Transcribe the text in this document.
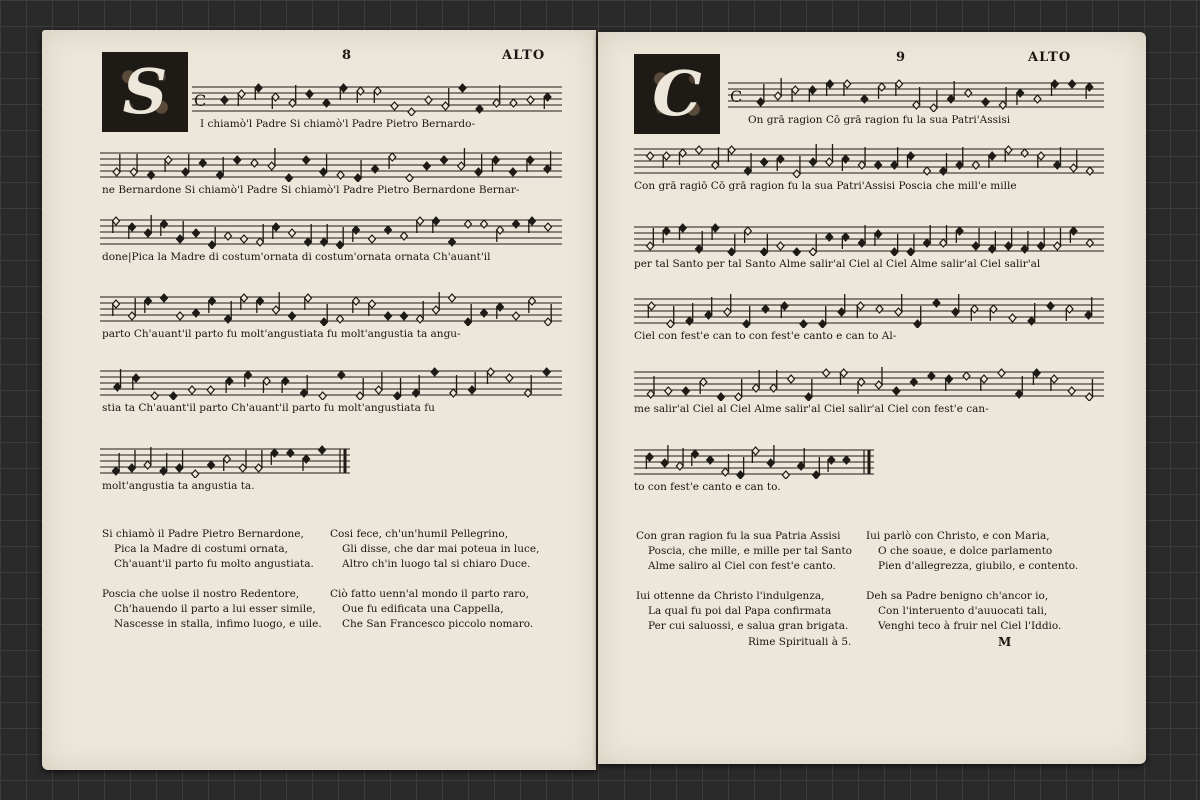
8	ALTO
S C
I chiamò'l Padre Si chiamò'l Padre Pietro Bernardo-
ne Bernardone Si chiamò'l Padre Si chiamò'l Padre Pietro Bernardone Bernar-
done|Pica la Madre di costum'ornata di costum'ornata ornata Ch'auant'il
parto Ch'auant'il parto fu molt'angustiata fu molt'angustia ta angu-
stia ta Ch'auant'il parto Ch'auant'il parto fu molt'angustiata fu
molt'angustia ta angustia ta.
Si chiamò il Padre Pietro Bernardone,
Pica la Madre di costumi ornata,
Ch'auant'il parto fu molto angustiata.

Poscia che uolse il nostro Redentore,
Ch'hauendo il parto a lui esser simile,
Nascesse in stalla, infimo luogo, e uile.
Cosi fece, ch'un'humil Pellegrino,
Gli disse, che dar mai poteua in luce,
Altro ch'in luogo tal si chiaro Duce.

Ciò fatto uenn'al mondo il parto raro,
Oue fu edificata una Cappella,
Che San Francesco piccolo nomaro.
9	ALTO
C C
On grā ragion Cō grā ragion fu la sua Patri'Assisi
Con grā ragiō Cō grā ragion fu la sua Patri'Assisi Poscia che mill'e mille
per tal Santo per tal Santo Alme salir'al Ciel al Ciel Alme salir'al Ciel salir'al
Ciel con fest'e can to con fest'e canto e can to Al-
me salir'al Ciel al Ciel Alme salir'al Ciel salir'al Ciel con fest'e can-
to con fest'e canto e can to.
Con gran ragion fu la sua Patria Assisi
Poscia, che mille, e mille per tal Santo
Alme saliro al Ciel con fest'e canto.

Iui ottenne da Christo l'indulgenza,
La qual fu poi dal Papa confirmata
Per cui saluossi, e salua gran brigata.
Iui parlò con Christo, e con Maria,
O che soaue, e dolce parlamento
Pien d'allegrezza, giubilo, e contento.

Deh sa Padre benigno ch'ancor io,
Con l'interuento d'auuocati tali,
Venghi teco à fruir nel Ciel l'Iddio.
Rime Spirituali à 5.	M
